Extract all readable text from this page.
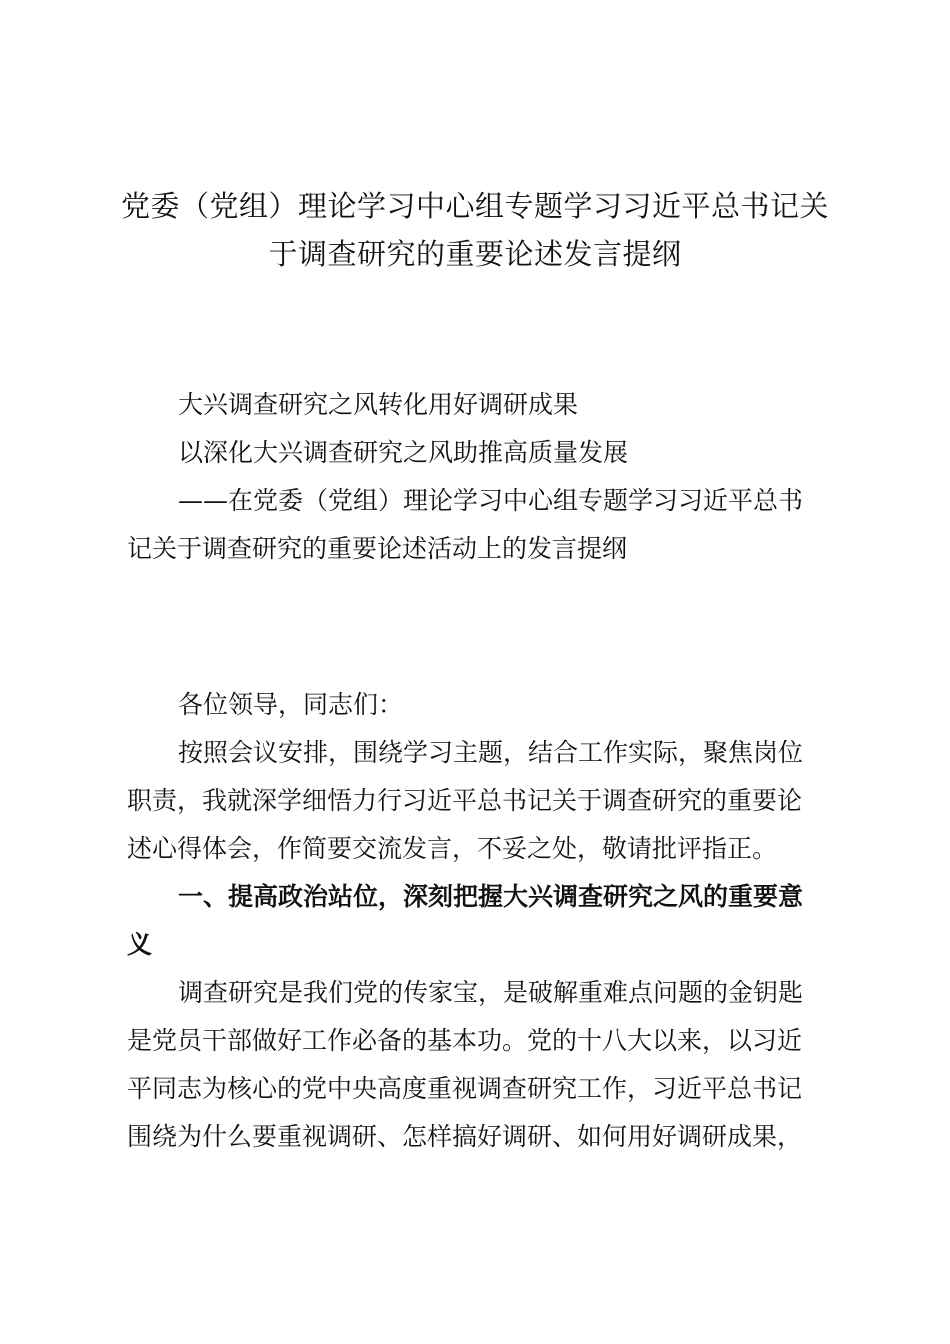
党委（党组）理论学习中心组专题学习习近平总书记关
于调查研究的重要论述发言提纲
大兴调查研究之风转化用好调研成果
以深化大兴调查研究之风助推高质量发展
——在党委（党组）理论学习中心组专题学习习近平总书
记关于调查研究的重要论述活动上的发言提纲
各位领导，同志们：
按照会议安排，围绕学习主题，结合工作实际，聚焦岗位
职责，我就深学细悟力行习近平总书记关于调查研究的重要论
述心得体会，作简要交流发言，不妥之处，敬请批评指正。
一、提高政治站位，深刻把握大兴调查研究之风的重要意
义
调查研究是我们党的传家宝，是破解重难点问题的金钥匙
是党员干部做好工作必备的基本功。党的十八大以来，以习近
平同志为核心的党中央高度重视调查研究工作，习近平总书记
围绕为什么要重视调研、怎样搞好调研、如何用好调研成果，
